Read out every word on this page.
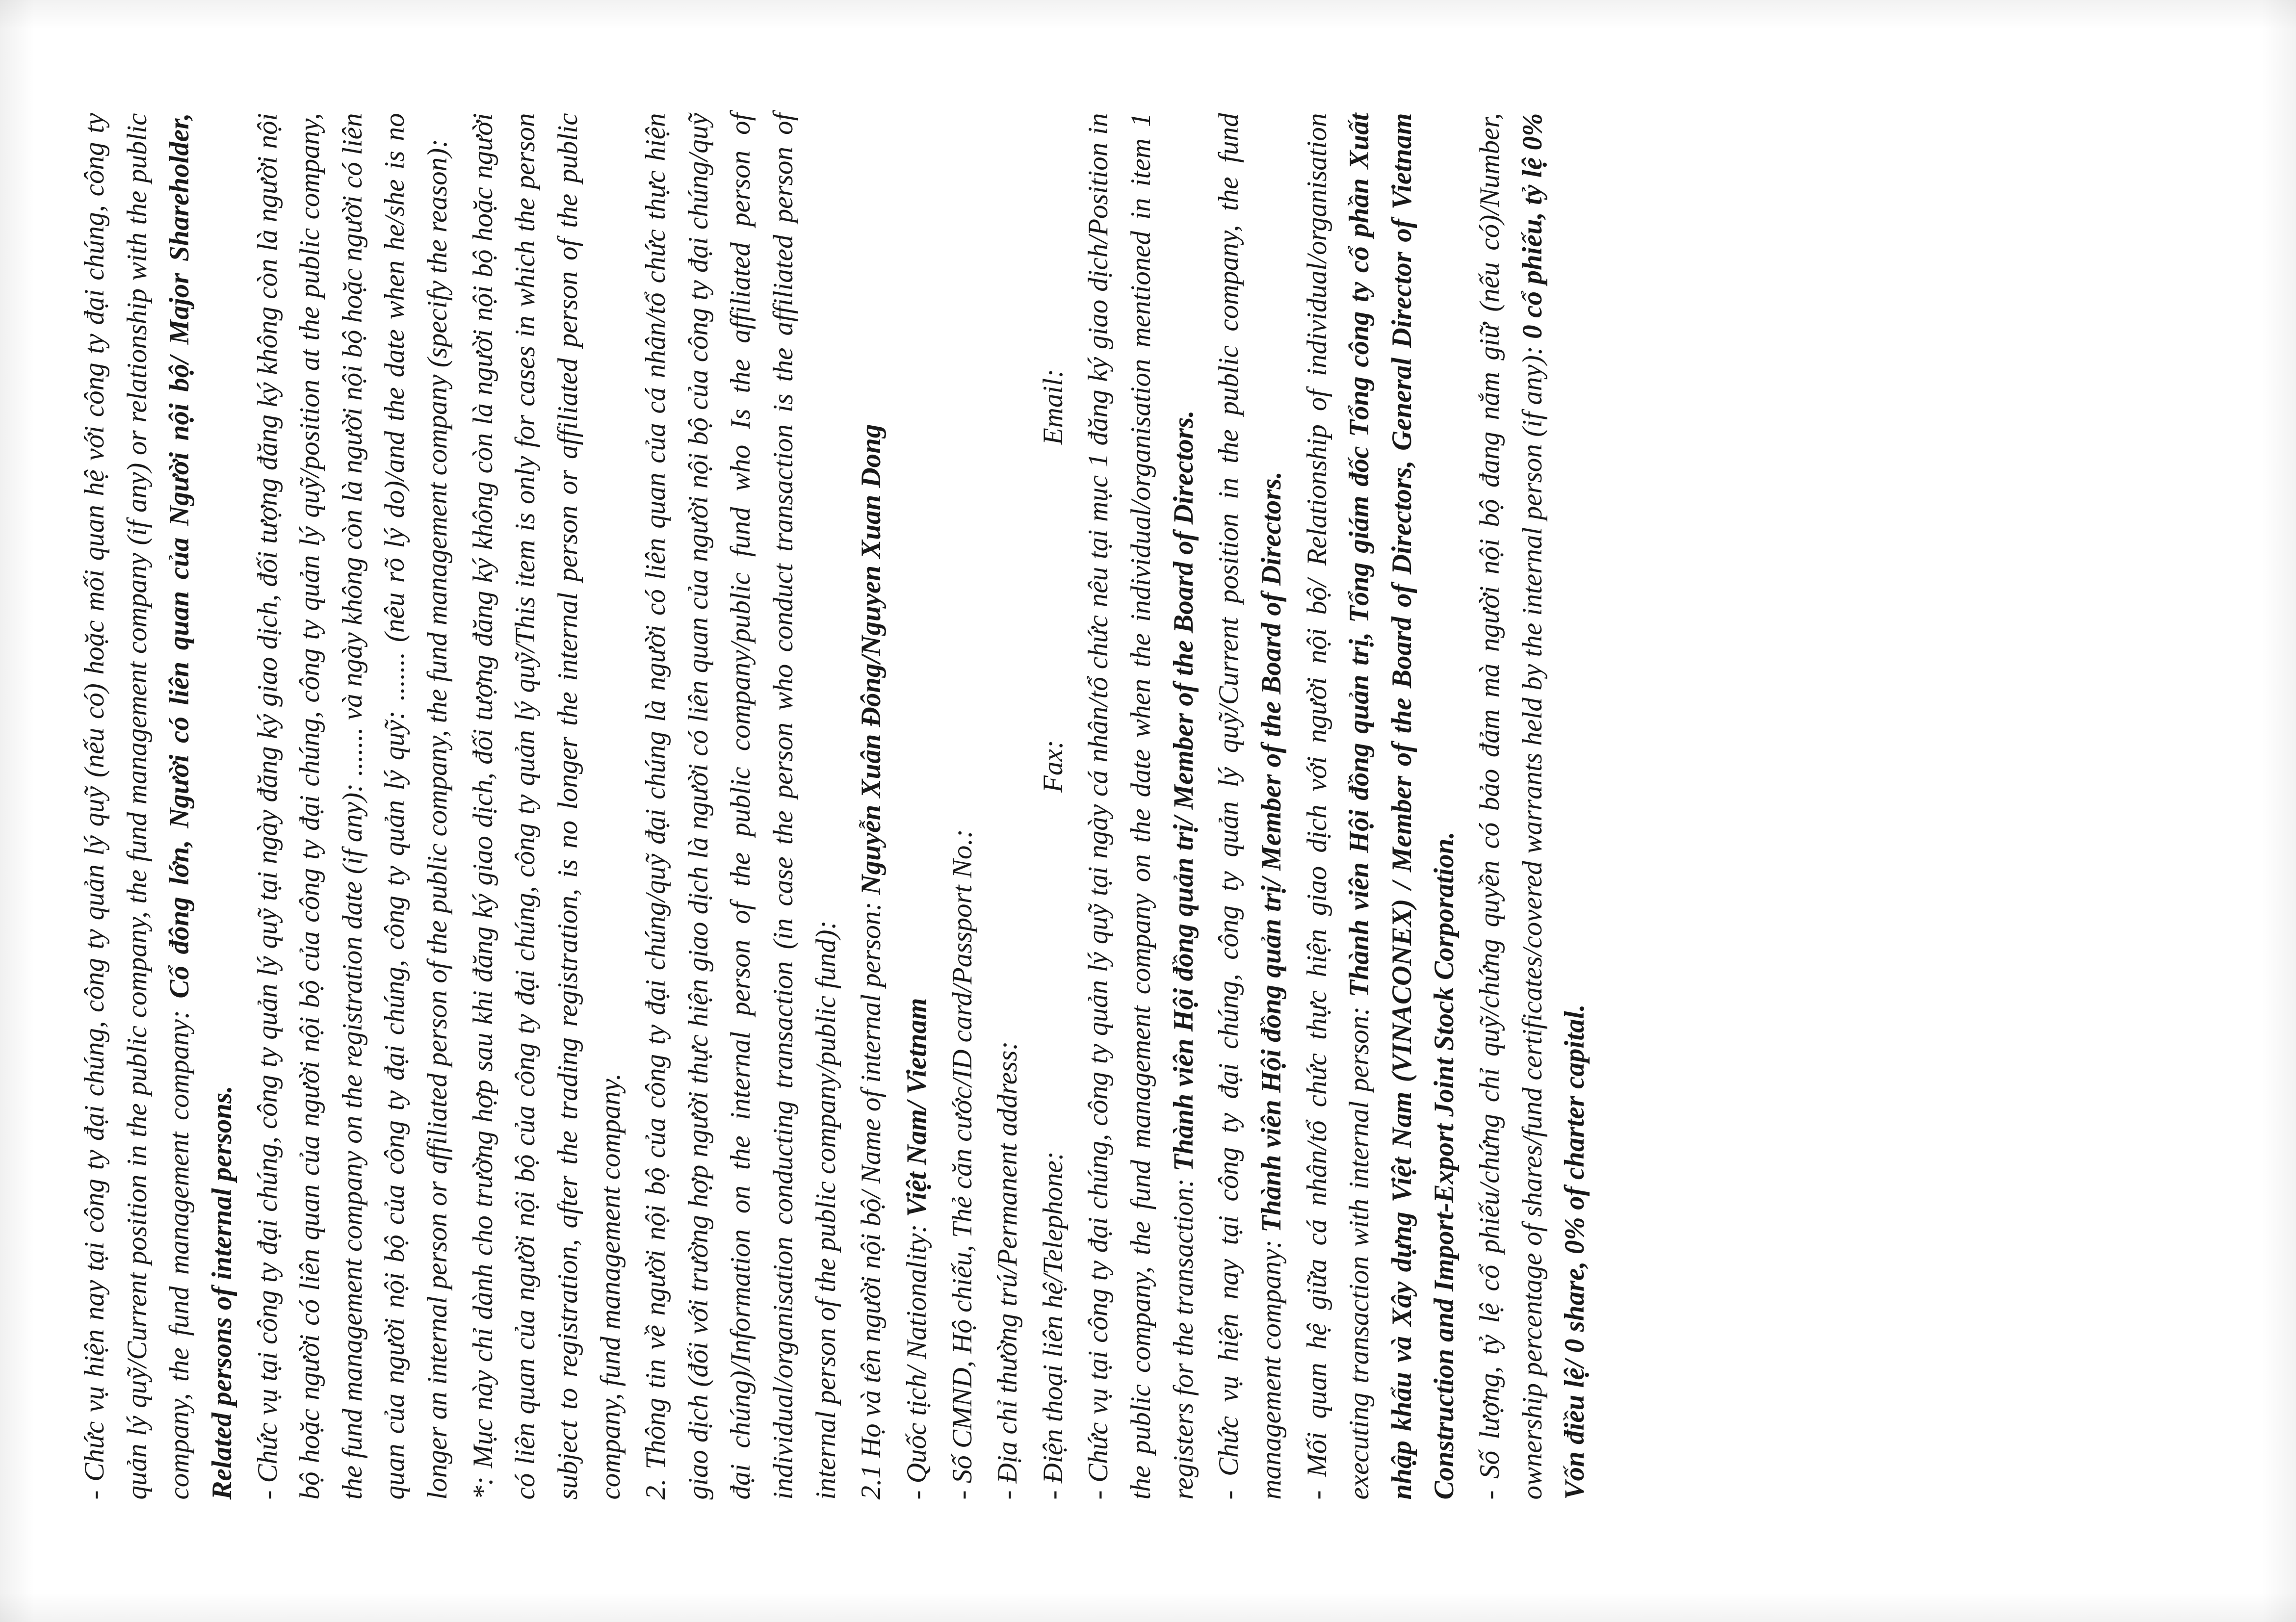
- Chức vụ hiện nay tại công ty đại chúng, công ty quản lý quỹ (nếu có) hoặc mối quan hệ với công ty đại chúng, công ty quản lý quỹ/Current position in the public company, the fund management company (if any) or relationship with the public company, the fund management company: Cổ đông lớn, Người có liên quan của Người nội bộ/ Major Shareholder, Related persons of internal persons. - Chức vụ tại công ty đại chúng, công ty quản lý quỹ tại ngày đăng ký giao dịch, đối tượng đăng ký không còn là người nội bộ hoặc người có liên quan của người nội bộ của công ty đại chúng, công ty quản lý quỹ/position at the public company, the fund management company on the registration date (if any): ....... và ngày không còn là người nội bộ hoặc người có liên quan của người nội bộ của công ty đại chúng, công ty quản lý quỹ: ....... (nêu rõ lý do)/and the date when he/she is no longer an internal person or affiliated person of the public company, the fund management company (specify the reason): *: Mục này chỉ dành cho trường hợp sau khi đăng ký giao dịch, đối tượng đăng ký không còn là người nội bộ hoặc người có liên quan của người nội bộ của công ty đại chúng, công ty quản lý quỹ/This item is only for cases in which the person subject to registration, after the trading registration, is no longer the internal person or affiliated person of the public company, fund management company. 2. Thông tin về người nội bộ của công ty đại chúng/quỹ đại chúng là người có liên quan của cá nhân/tổ chức thực hiện giao dịch (đối với trường hợp người thực hiện giao dịch là người có liên quan của người nội bộ của công ty đại chúng/quỹ đại chúng)/Information on the internal person of the public company/public fund who Is the affiliated person of individual/organisation conducting transaction (in case the person who conduct transaction is the affiliated person of internal person of the public company/public fund): 2.1 Họ và tên người nội bộ/ Name of internal person: Nguyễn Xuân Đông/Nguyen Xuan Dong

- Quốc tịch/ Nationality: Việt Nam/ Vietnam - Số CMND, Hộ chiếu, Thẻ căn cước/ID card/Passport No.:

- Địa chỉ thường trú/Permanent address:

- Điện thoại liên hệ/Telephone:                                             Fax:                                     Email: - Chức vụ tại công ty đại chúng, công ty quản lý quỹ tại ngày cá nhân/tổ chức nêu tại mục 1 đăng ký giao dịch/Position in the public company, the fund management company on the date when the individual/organisation mentioned in item 1 registers for the transaction: Thành viên Hội đồng quản trị/ Member of the Board of Directors. - Chức vụ hiện nay tại công ty đại chúng, công ty quản lý quỹ/Current position in the public company, the fund management company: Thành viên Hội đồng quản trị/ Member of the Board of Directors. - Mối quan hệ giữa cá nhân/tổ chức thực hiện giao dịch với người nội bộ/ Relationship of individual/organisation executing transaction with internal person: Thành viên Hội đồng quản trị, Tổng giám đốc Tổng công ty cổ phần Xuất nhập khẩu và Xây dựng Việt Nam (VINACONEX) / Member of the Board of Directors, General Director of Vietnam Construction and Import-Export Joint Stock Corporation. - Số lượng, tỷ lệ cổ phiếu/chứng chỉ quỹ/chứng quyền có bảo đảm mà người nội bộ đang nắm giữ (nếu có)/Number, ownership percentage of shares/fund certificates/covered warrants held by the internal person (if any): 0 cổ phiếu, tỷ lệ 0% Vốn điều lệ/ 0 share, 0% of charter capital.
